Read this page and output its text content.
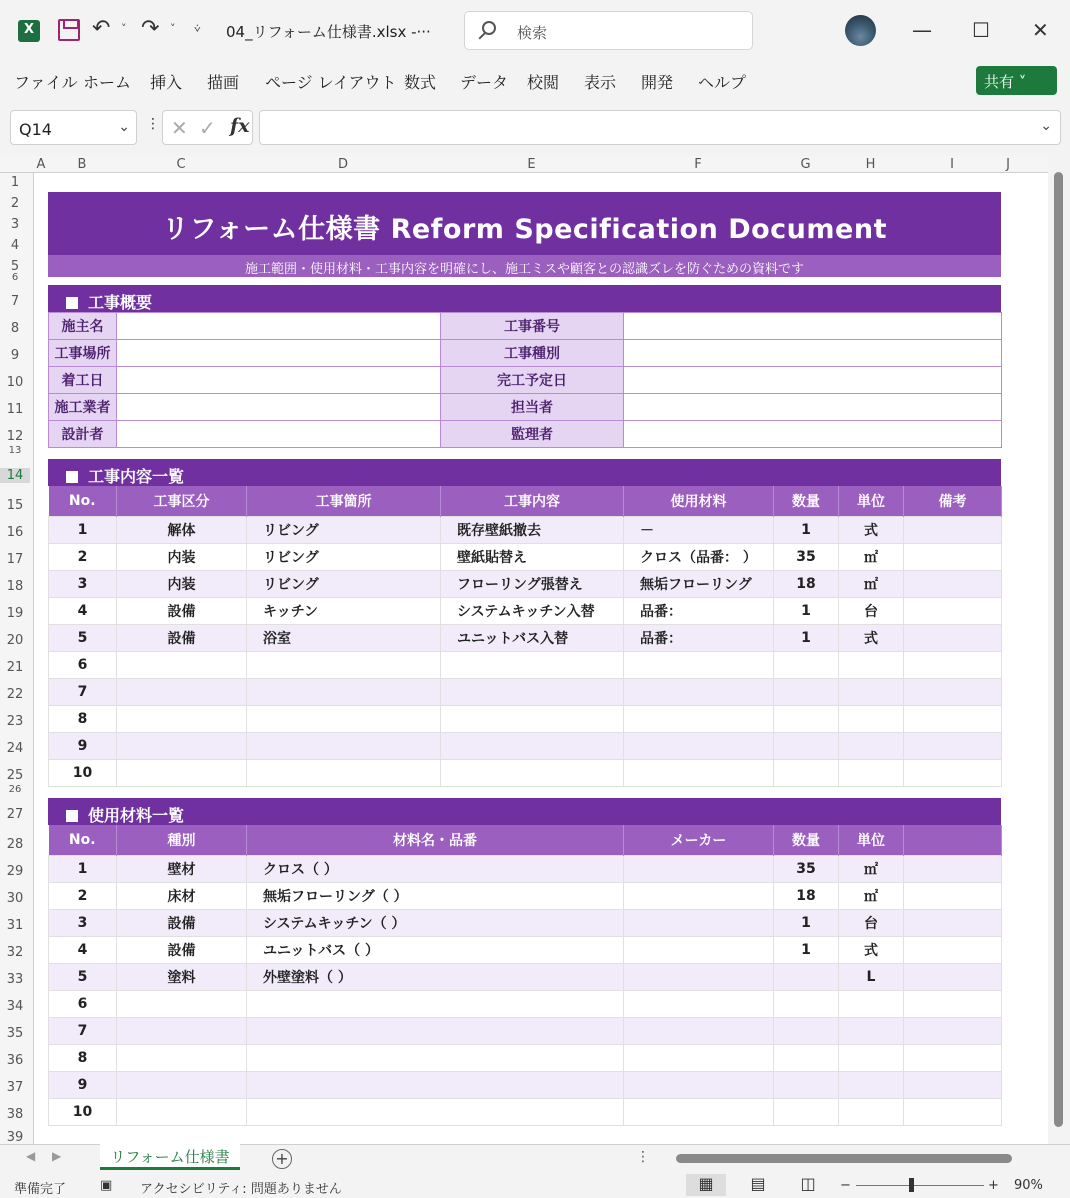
X
↶ ˅ ↷ ˅ ⩒ 04_リフォーム仕様書.xlsx -···	検索	— ☐ ✕
ファイル ホーム 挿入 描画 ページ レイアウト 数式 データ 校閲 表示 開発 ヘルプ	共有 ˅
Q14	⌄ ⋮ ✕ ✓ fx	⌄
A	B	C	D	E	F	G	H	I	J
1
2
3
4
5
6
7
8
9
10
11
12
13
14
15
16
17
18
19
20
21
22
23
24
25
26
27
28
29
30
31
32
33
34
35
36
37
38
39
リフォーム仕様書 Reform Specification Document
施工範囲・使用材料・工事内容を明確にし、施工ミスや顧客との認識ズレを防ぐための資料です
工事概要
施主名		工事番号	
工事場所		工事種別	
着工日		完工予定日	
施工業者		担当者	
設計者		監理者	
工事内容一覧
No.	工事区分	工事箇所	工事内容	使用材料	数量	単位	備考
1	解体	リビング	既存壁紙撤去	－	1	式	
2	内装	リビング	壁紙貼替え	クロス（品番： ）	35	㎡	
3	内装	リビング	フローリング張替え	無垢フローリング	18	㎡	
4	設備	キッチン	システムキッチン入替	品番：	1	台	
5	設備	浴室	ユニットバス入替	品番：	1	式	
6							
7							
8							
9							
10							
使用材料一覧
No.	種別	材料名・品番	メーカー	数量	単位	
1	壁材	クロス（ ）		35	㎡	
2	床材	無垢フローリング（ ）		18	㎡	
3	設備	システムキッチン（ ）		1	台	
4	設備	ユニットバス（ ）		1	式	
5	塗料	外壁塗料（ ）			L	
6						
7						
8						
9						
10						
◀ ▶	リフォーム仕様書	+	⋮
準備完了	▣ アクセシビリティ: 問題ありません	▦	▤	◫	−	+ 90%
